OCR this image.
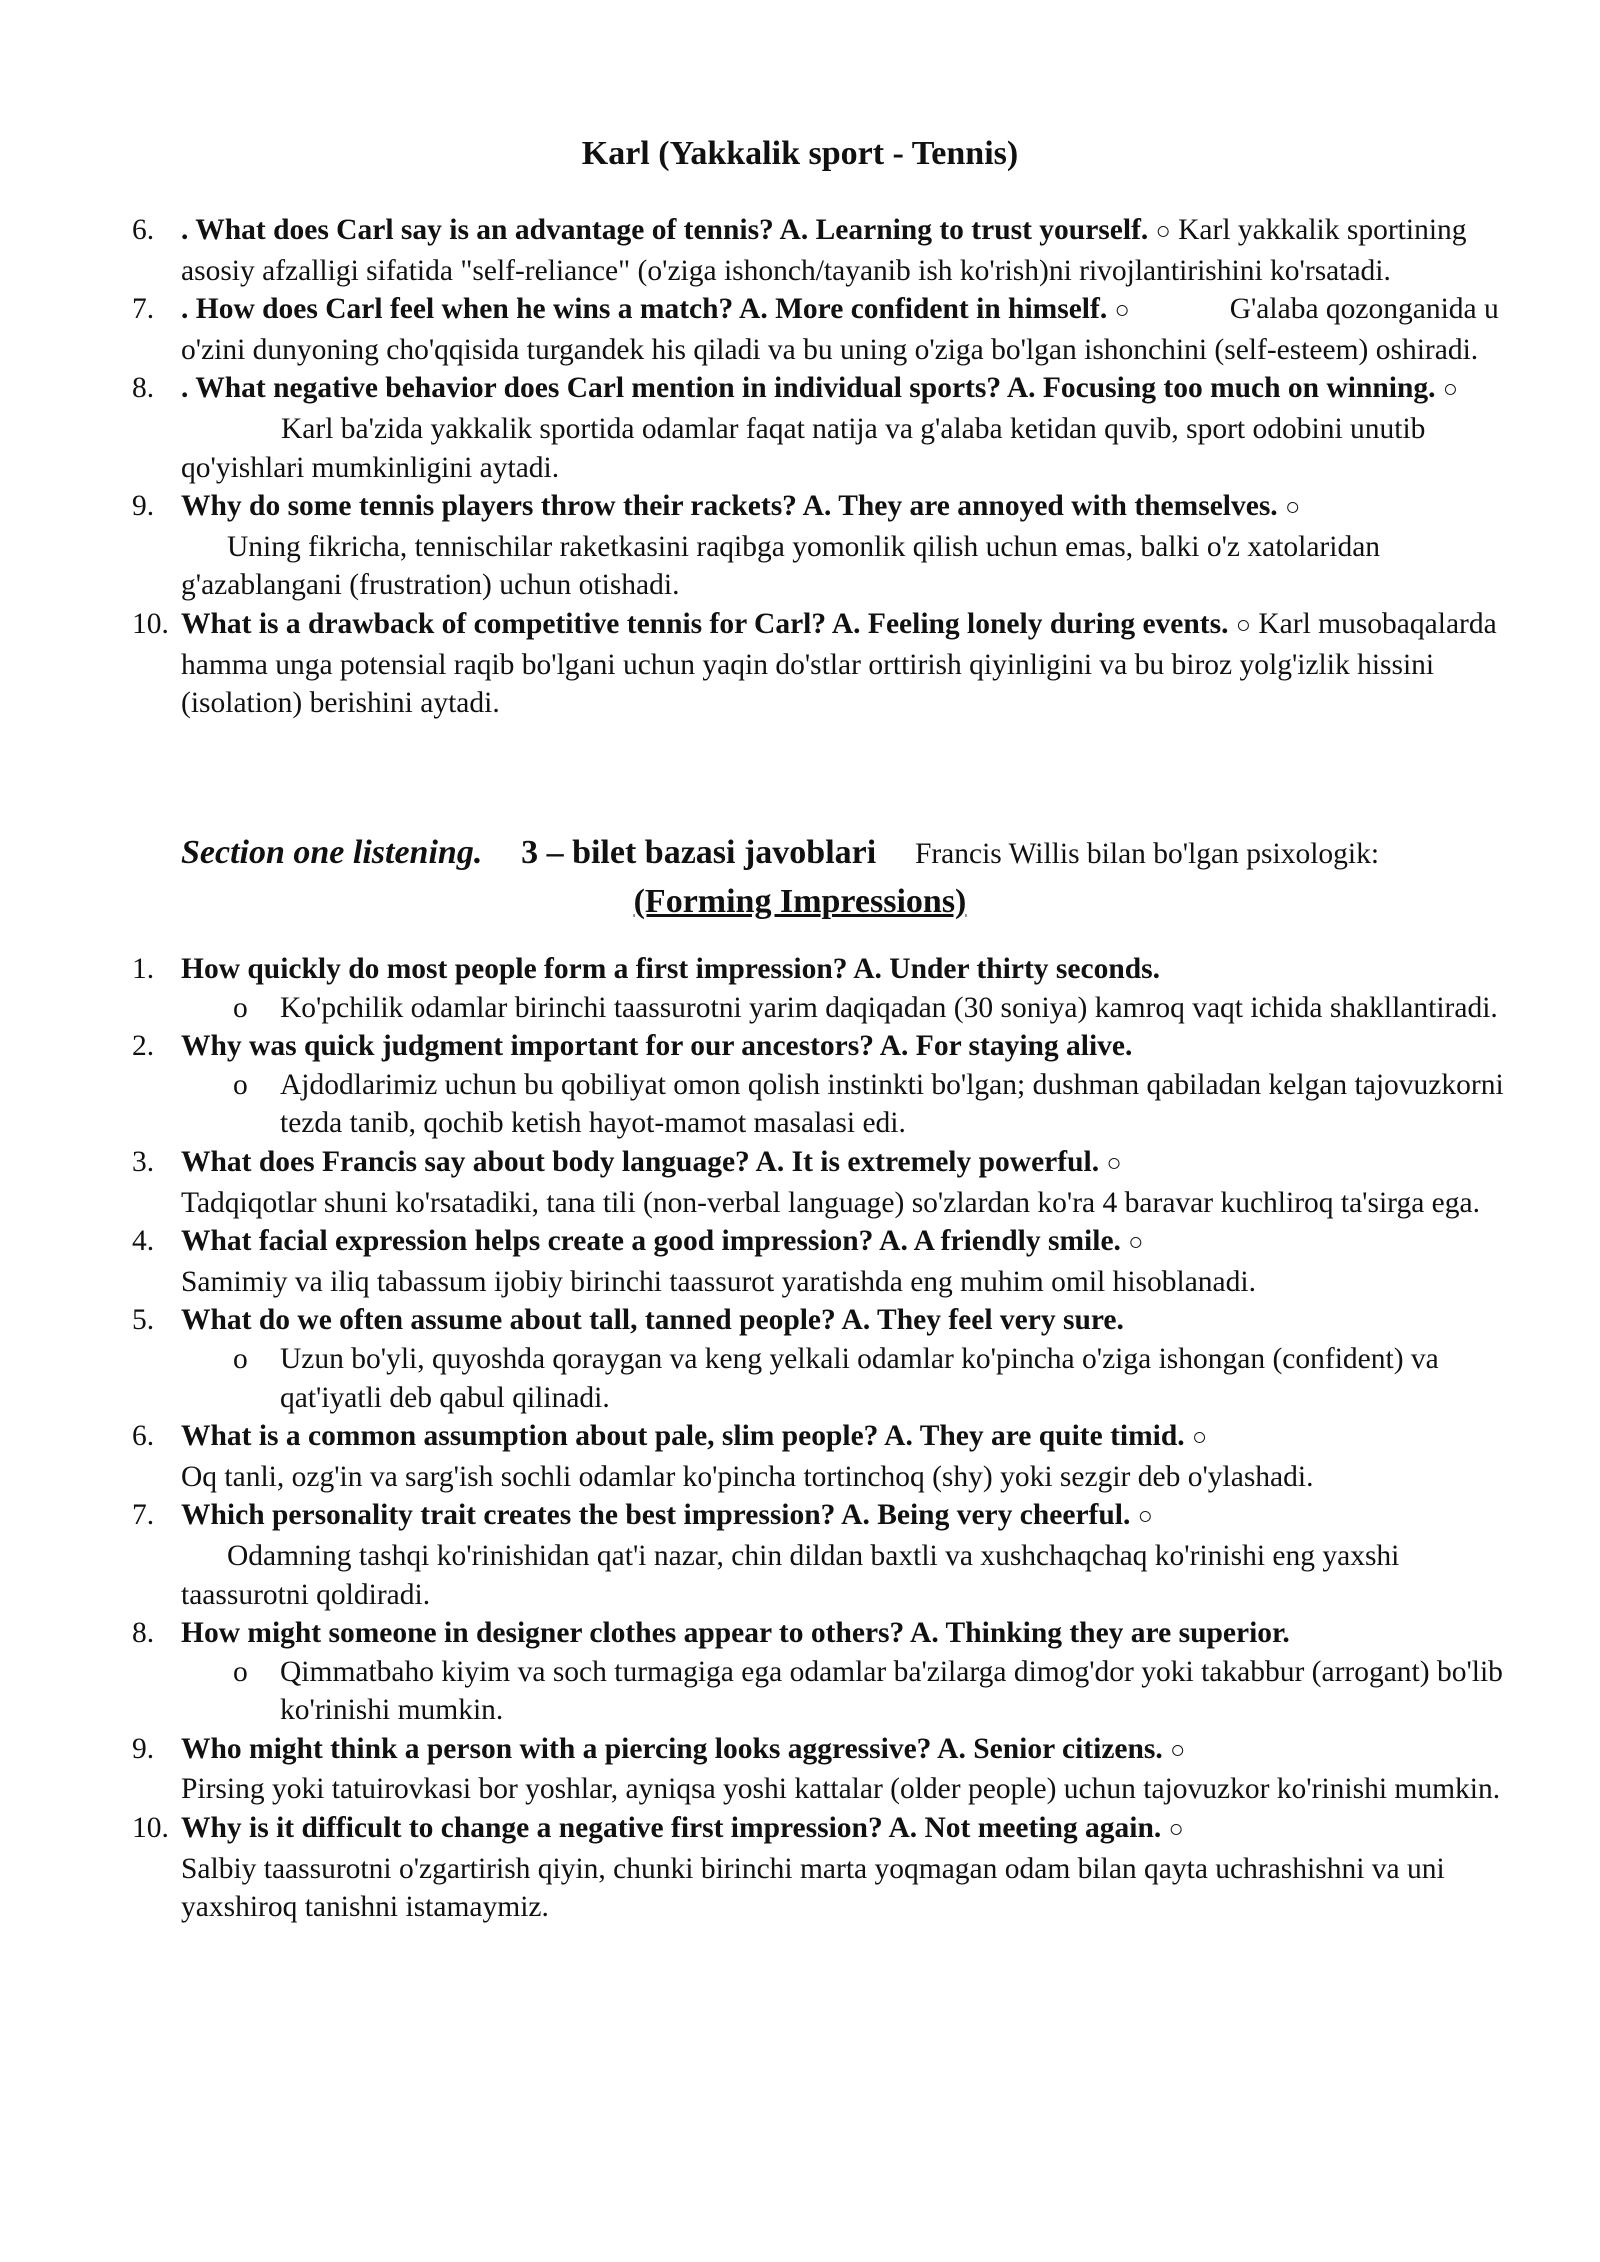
Karl (Yakkalik sport - Tennis)
6. . What does Carl say is an advantage of tennis? A. Learning to trust yourself. ○ Karl yakkalik sportining asosiy afzalligi sifatida "self-reliance" (o'ziga ishonch/tayanib ish ko'rish)ni rivojlantirishini ko'rsatadi.
7. . How does Carl feel when he wins a match? A. More confident in himself. ○	G'alaba qozonganida u o'zini dunyoning cho'qqisida turgandek his qiladi va bu uning o'ziga bo'lgan ishonchini (self-esteem) oshiradi.
8. . What negative behavior does Carl mention in individual sports? A. Focusing too much on winning. ○Karl ba'zida yakkalik sportida odamlar faqat natija va g'alaba ketidan quvib, sport odobini unutib qo'yishlari mumkinligini aytadi.
9. Why do some tennis players throw their rackets? A. They are annoyed with themselves. ○
Uning fikricha, tennischilar raketkasini raqibga yomonlik qilish uchun emas, balki o'z xatolaridan g'azablangani (frustration) uchun otishadi.
10. What is a drawback of competitive tennis for Carl? A. Feeling lonely during events. ○ Karl musobaqalarda hamma unga potensial raqib bo'lgani uchun yaqin do'stlar orttirish qiyinligini va bu biroz yolg'izlik hissini (isolation) berishini aytadi.
Section one listening. 3 – bilet bazasi javoblari Francis Willis bilan bo'lgan psixologik:
(Forming Impressions)
1. How quickly do most people form a first impression? A. Under thirty seconds.
o Ko'pchilik odamlar birinchi taassurotni yarim daqiqadan (30 soniya) kamroq vaqt ichida shakllantiradi.
2. Why was quick judgment important for our ancestors? A. For staying alive.
o Ajdodlarimiz uchun bu qobiliyat omon qolish instinkti bo'lgan; dushman qabiladan kelgan tajovuzkorni tezda tanib, qochib ketish hayot-mamot masalasi edi.
3. What does Francis say about body language? A. It is extremely powerful. ○
Tadqiqotlar shuni ko'rsatadiki, tana tili (non-verbal language) so'zlardan ko'ra 4 baravar kuchliroq ta'sirga ega.
4. What facial expression helps create a good impression? A. A friendly smile. ○
Samimiy va iliq tabassum ijobiy birinchi taassurot yaratishda eng muhim omil hisoblanadi.
5. What do we often assume about tall, tanned people? A. They feel very sure.
o Uzun bo'yli, quyoshda qoraygan va keng yelkali odamlar ko'pincha o'ziga ishongan (confident) va qat'iyatli deb qabul qilinadi.
6. What is a common assumption about pale, slim people? A. They are quite timid. ○
Oq tanli, ozg'in va sarg'ish sochli odamlar ko'pincha tortinchoq (shy) yoki sezgir deb o'ylashadi.
7. Which personality trait creates the best impression? A. Being very cheerful. ○
Odamning tashqi ko'rinishidan qat'i nazar, chin dildan baxtli va xushchaqchaq ko'rinishi eng yaxshi taassurotni qoldiradi.
8. How might someone in designer clothes appear to others? A. Thinking they are superior.
o Qimmatbaho kiyim va soch turmagiga ega odamlar ba'zilarga dimog'dor yoki takabbur (arrogant) bo'lib ko'rinishi mumkin.
9. Who might think a person with a piercing looks aggressive? A. Senior citizens. ○
Pirsing yoki tatuirovkasi bor yoshlar, ayniqsa yoshi kattalar (older people) uchun tajovuzkor ko'rinishi mumkin.
10. Why is it difficult to change a negative first impression? A. Not meeting again. ○
Salbiy taassurotni o'zgartirish qiyin, chunki birinchi marta yoqmagan odam bilan qayta uchrashishni va uni yaxshiroq tanishni istamaymiz.
